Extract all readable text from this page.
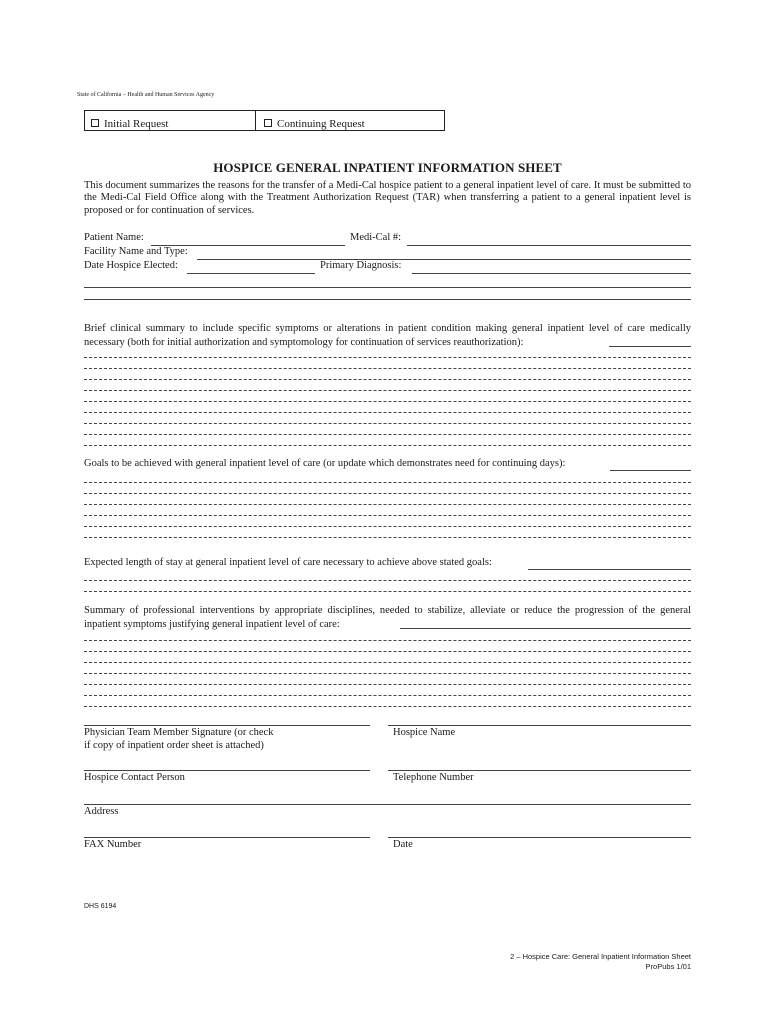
State of California – Health and Human Services Agency
Initial Request	Continuing Request
HOSPICE GENERAL INPATIENT INFORMATION SHEET
This document summarizes the reasons for the transfer of a Medi-Cal hospice patient to a general inpatient level of care. It must be submitted to the Medi-Cal Field Office along with the Treatment Authorization Request (TAR) when transferring a patient to a general inpatient level is proposed or for continuation of services.
Patient Name:	Medi-Cal #:
Facility Name and Type:
Date Hospice Elected:	Primary Diagnosis:
Brief clinical summary to include specific symptoms or alterations in patient condition making general inpatient level of care medically necessary (both for initial authorization and symptomology for continuation of services reauthorization):
Goals to be achieved with general inpatient level of care (or update which demonstrates need for continuing days):
Expected length of stay at general inpatient level of care necessary to achieve above stated goals:
Summary of professional interventions by appropriate disciplines, needed to stabilize, alleviate or reduce the progression of the general inpatient symptoms justifying general inpatient level of care:
Physician Team Member Signature (or check
if copy of inpatient order sheet is attached)
Hospice Name
Hospice Contact Person	Telephone Number
Address
FAX Number	Date
DHS 6194
2 – Hospice Care: General Inpatient Information Sheet
ProPubs 1/01
